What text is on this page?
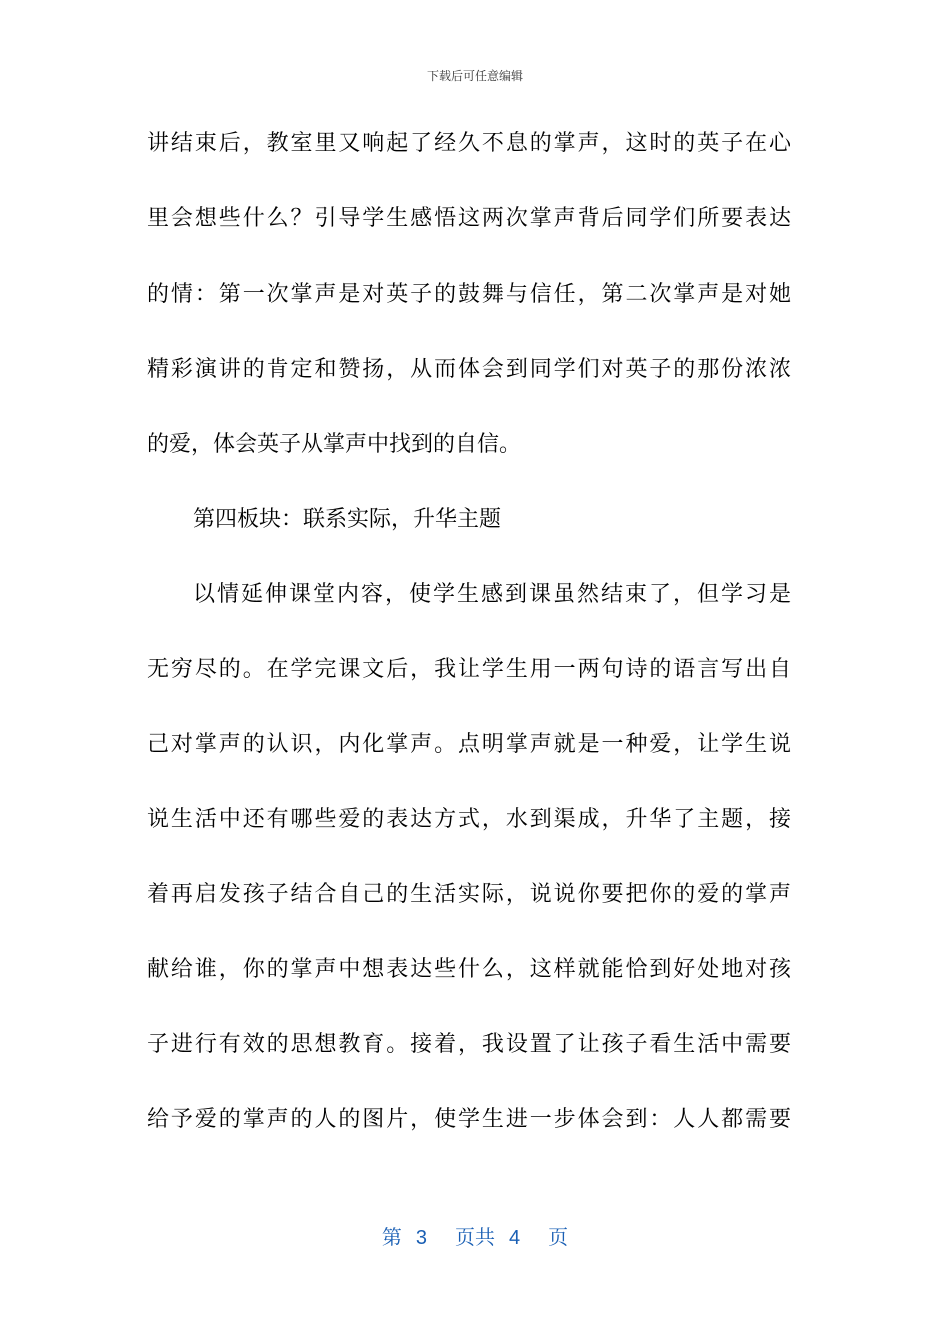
下载后可任意编辑
讲结束后，教室里又响起了经久不息的掌声，这时的英子在心
里会想些什么？引导学生感悟这两次掌声背后同学们所要表达
的情：第一次掌声是对英子的鼓舞与信任，第二次掌声是对她
精彩演讲的肯定和赞扬，从而体会到同学们对英子的那份浓浓
的爱，体会英子从掌声中找到的自信。
第四板块：联系实际，升华主题
以情延伸课堂内容，使学生感到课虽然结束了，但学习是
无穷尽的。在学完课文后，我让学生用一两句诗的语言写出自
己对掌声的认识，内化掌声。点明掌声就是一种爱，让学生说
说生活中还有哪些爱的表达方式，水到渠成，升华了主题，接
着再启发孩子结合自己的生活实际，说说你要把你的爱的掌声
献给谁，你的掌声中想表达些什么，这样就能恰到好处地对孩
子进行有效的思想教育。接着，我设置了让孩子看生活中需要
给予爱的掌声的人的图片，使学生进一步体会到：人人都需要
第 3 页共 4 页
